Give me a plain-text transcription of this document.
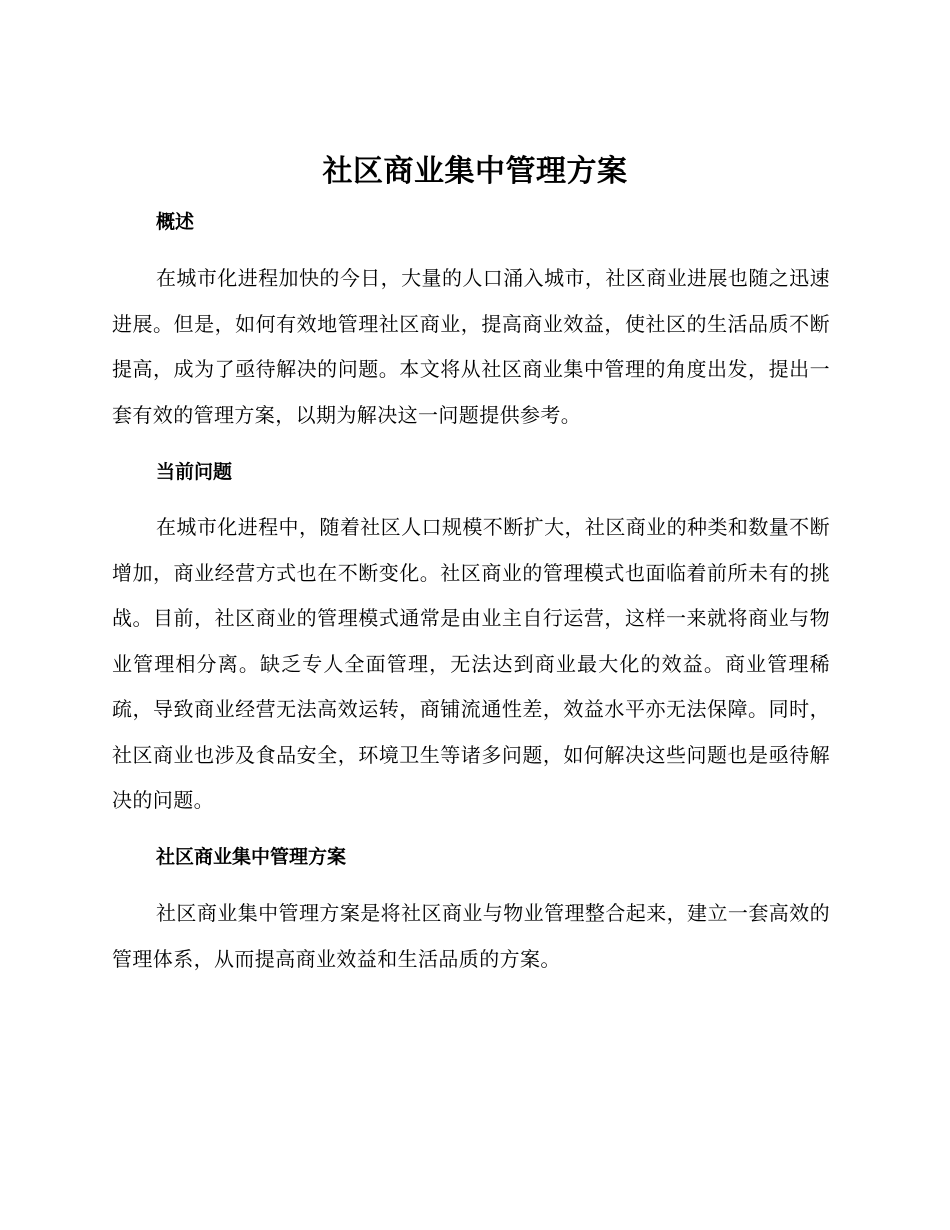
社区商业集中管理方案
概述

在城市化进程加快的今日，大量的人口涌入城市，社区商业进展也随之迅速进展。但是，如何有效地管理社区商业，提高商业效益，使社区的生活品质不断提高，成为了亟待解决的问题。本文将从社区商业集中管理的角度出发，提出一套有效的管理方案，以期为解决这一问题提供参考。

当前问题

在城市化进程中，随着社区人口规模不断扩大，社区商业的种类和数量不断增加，商业经营方式也在不断变化。社区商业的管理模式也面临着前所未有的挑战。目前，社区商业的管理模式通常是由业主自行运营，这样一来就将商业与物业管理相分离。缺乏专人全面管理，无法达到商业最大化的效益。商业管理稀疏，导致商业经营无法高效运转，商铺流通性差，效益水平亦无法保障。同时，社区商业也涉及食品安全，环境卫生等诸多问题，如何解决这些问题也是亟待解决的问题。

社区商业集中管理方案

社区商业集中管理方案是将社区商业与物业管理整合起来，建立一套高效的管理体系，从而提高商业效益和生活品质的方案。
